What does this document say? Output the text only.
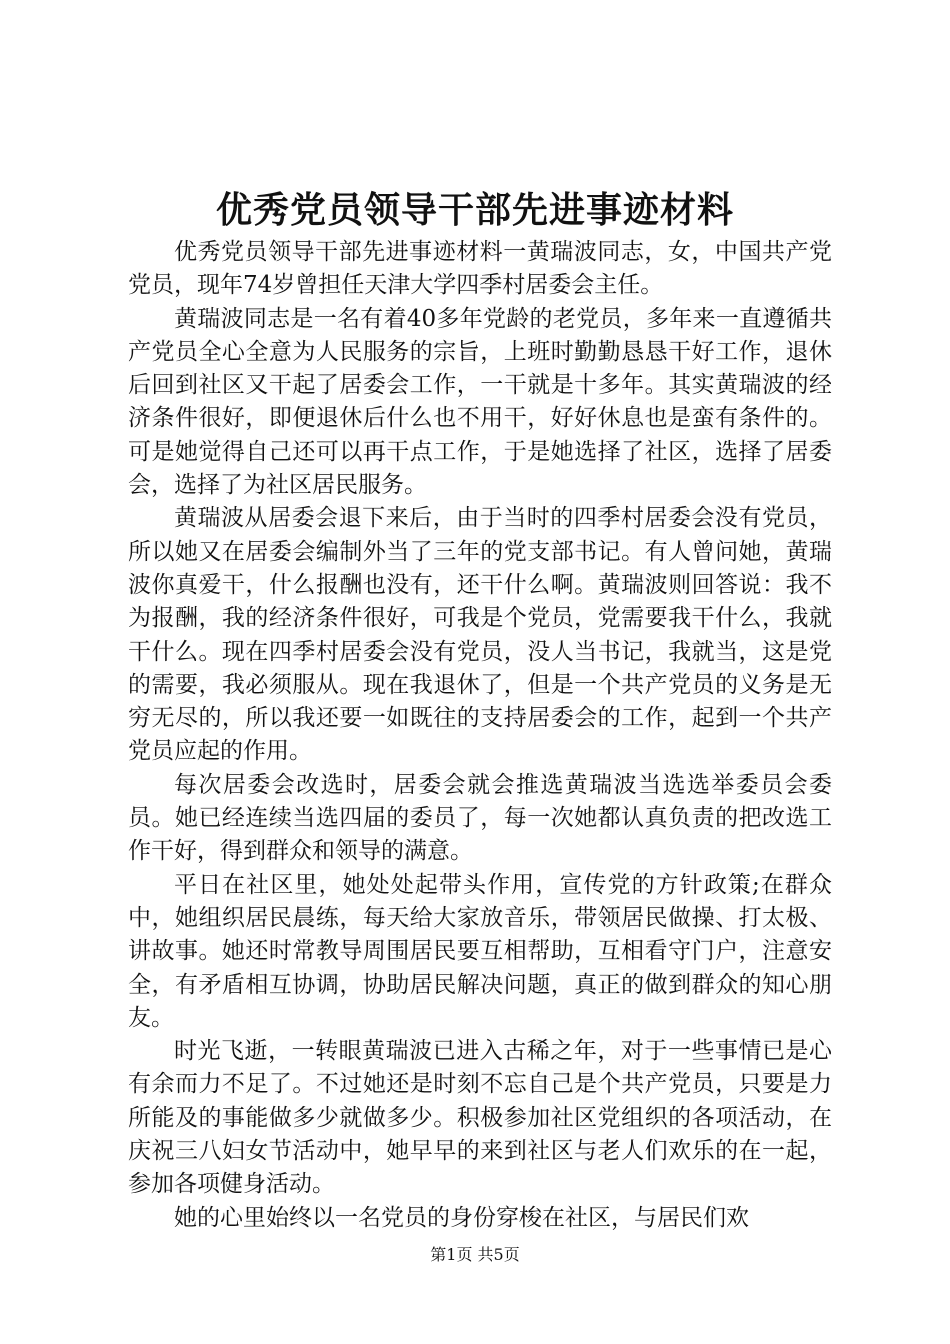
优秀党员领导干部先进事迹材料

优秀党员领导干部先进事迹材料一黄瑞波同志，女，中国共产党党员，现年74岁曾担任天津大学四季村居委会主任。

黄瑞波同志是一名有着40多年党龄的老党员，多年来一直遵循共产党员全心全意为人民服务的宗旨，上班时勤勤恳恳干好工作，退休后回到社区又干起了居委会工作，一干就是十多年。其实黄瑞波的经济条件很好，即便退休后什么也不用干，好好休息也是蛮有条件的。可是她觉得自己还可以再干点工作，于是她选择了社区，选择了居委会，选择了为社区居民服务。

黄瑞波从居委会退下来后，由于当时的四季村居委会没有党员，所以她又在居委会编制外当了三年的党支部书记。有人曾问她，黄瑞波你真爱干，什么报酬也没有，还干什么啊。黄瑞波则回答说：我不为报酬，我的经济条件很好，可我是个党员，党需要我干什么，我就干什么。现在四季村居委会没有党员，没人当书记，我就当，这是党的需要，我必须服从。现在我退休了，但是一个共产党员的义务是无穷无尽的，所以我还要一如既往的支持居委会的工作，起到一个共产党员应起的作用。

每次居委会改选时，居委会就会推选黄瑞波当选选举委员会委员。她已经连续当选四届的委员了，每一次她都认真负责的把改选工作干好，得到群众和领导的满意。

平日在社区里，她处处起带头作用，宣传党的方针政策;在群众中，她组织居民晨练，每天给大家放音乐，带领居民做操、打太极、讲故事。她还时常教导周围居民要互相帮助，互相看守门户，注意安全，有矛盾相互协调，协助居民解决问题，真正的做到群众的知心朋友。

时光飞逝，一转眼黄瑞波已进入古稀之年，对于一些事情已是心有余而力不足了。不过她还是时刻不忘自己是个共产党员，只要是力所能及的事能做多少就做多少。积极参加社区党组织的各项活动，在庆祝三八妇女节活动中，她早早的来到社区与老人们欢乐的在一起，参加各项健身活动。

她的心里始终以一名党员的身份穿梭在社区，与居民们欢

第1页 共5页
